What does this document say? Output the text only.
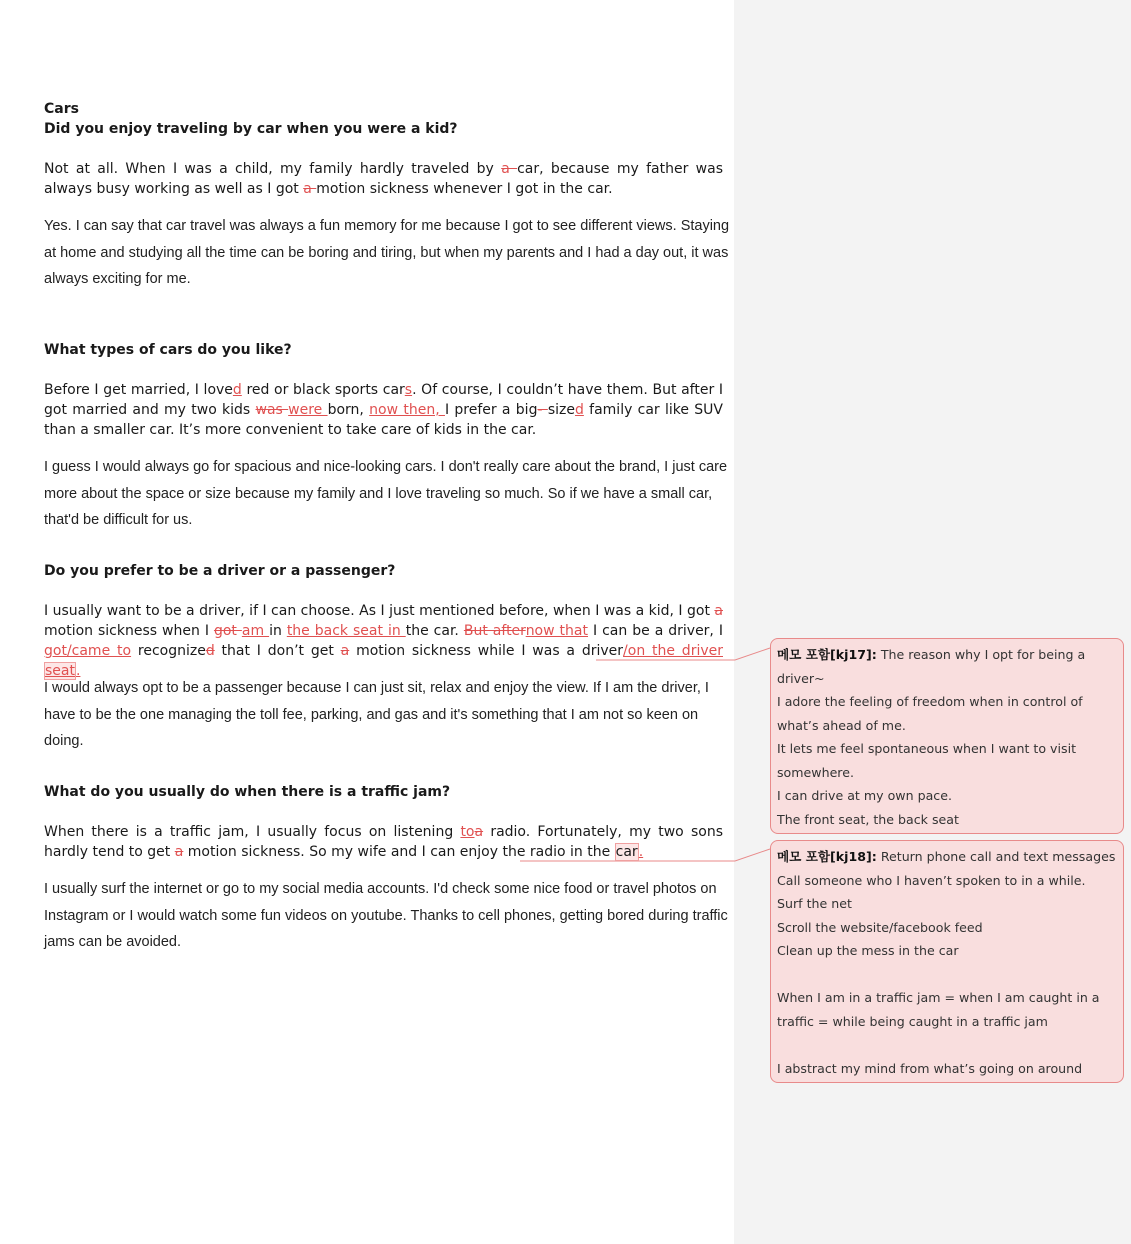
Cars
Did you enjoy traveling by car when you were a kid?

Not at all. When I was a child, my family hardly traveled by a car, because my father was always busy working as well as I got a motion sickness whenever I got in the car.

Yes. I can say that car travel was always a fun memory for me because I got to see different views. Staying at home and studying all the time can be boring and tiring, but when my parents and I had a day out, it was always exciting for me.

What types of cars do you like?

Before I get married, I loved red or black sports cars. Of course, I couldn’t have them. But after I got married and my two kids was were born, now then, I prefer a big- sized family car like SUV than a smaller car. It’s more convenient to take care of kids in the car.

I guess I would always go for spacious and nice-looking cars. I don't really care about the brand, I just care more about the space or size because my family and I love traveling so much. So if we have a small car, that'd be difficult for us.

Do you prefer to be a driver or a passenger?

I usually want to be a driver, if I can choose. As I just mentioned before, when I was a kid, I got a motion sickness when I got am in the back seat in the car. But afternow that I can be a driver, I got/came to recognized that I don’t get a motion sickness while I was a driver/on the driver seat.

I would always opt to be a passenger because I can just sit, relax and enjoy the view. If I am the driver, I have to be the one managing the toll fee, parking, and gas and it's something that I am not so keen on doing.

What do you usually do when there is a traffic jam?

When there is a traffic jam, I usually focus on listening toa radio. Fortunately, my two sons hardly tend to get a motion sickness. So my wife and I can enjoy the radio in the car.

I usually surf the internet or go to my social media accounts. I'd check some nice food or travel photos on Instagram or I would watch some fun videos on youtube. Thanks to cell phones, getting bored during traffic jams can be avoided.

메모 포함[kj17]: The reason why I opt for being a driver~
I adore the feeling of freedom when in control of what’s ahead of me.
It lets me feel spontaneous when I want to visit somewhere.
I can drive at my own pace.
The front seat, the back seat
메모 포함[kj18]: Return phone call and text messages
Call someone who I haven’t spoken to in a while.
Surf the net
Scroll the website/facebook feed
Clean up the mess in the car

When I am in a traffic jam = when I am caught in a traffic = while being caught in a traffic jam

I abstract my mind from what’s going on around
